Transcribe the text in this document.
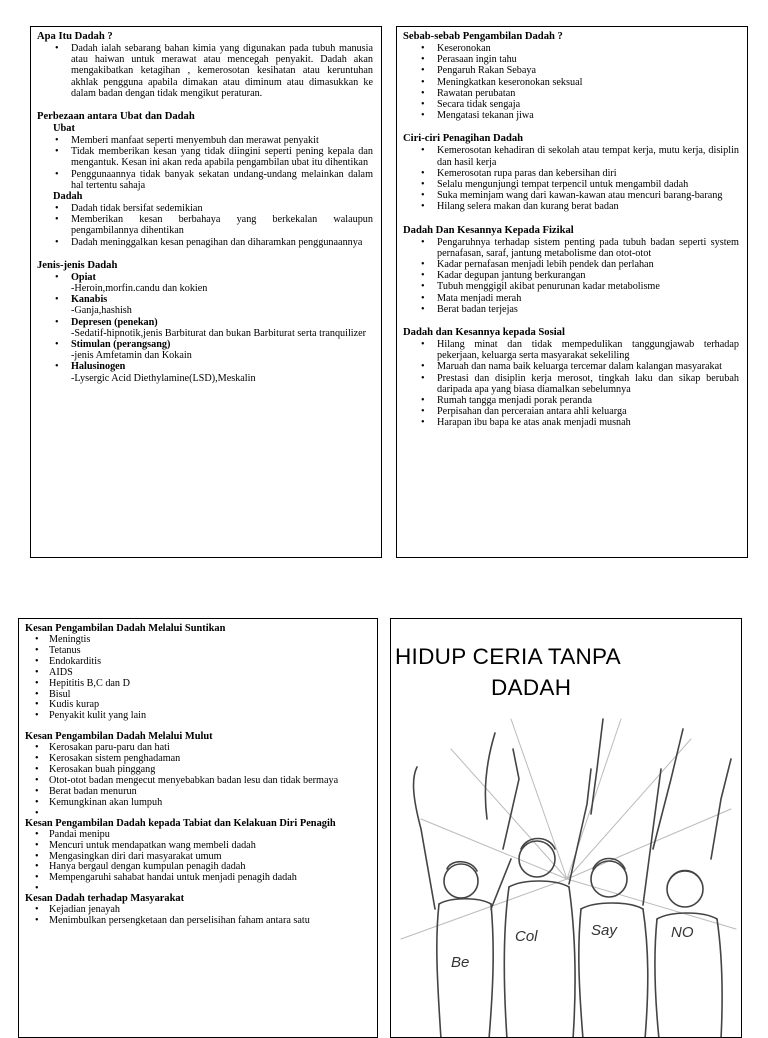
Apa Itu Dadah ?
• Dadah ialah sebarang bahan kimia yang digunakan pada tubuh manusia atau haiwan untuk merawat atau mencegah penyakit. Dadah akan mengakibatkan ketagihan , kemerosotan kesihatan atau keruntuhan akhlak pengguna apabila dimakan atau diminum atau dimasukkan ke dalam badan dengan tidak mengikut peraturan.
Perbezaan antara Ubat dan Dadah
Ubat
• Memberi manfaat seperti menyembuh dan merawat penyakit
• Tidak memberikan kesan yang tidak diingini seperti pening kepala dan mengantuk. Kesan ini akan reda apabila pengambilan ubat itu dihentikan
• Penggunaannya tidak banyak sekatan undang-undang melainkan dalam hal tertentu sahaja
Dadah
• Dadah tidak bersifat sedemikian
• Memberikan kesan berbahaya yang berkekalan walaupun pengambilannya dihentikan
• Dadah meninggalkan kesan penagihan dan diharamkan penggunaannya
Jenis-jenis Dadah
• Opiat
-Heroin,morfin.candu dan kokien
• Kanabis
-Ganja,hashish
• Depresen (penekan)
-Sedatif-hipnotik,jenis Barbiturat dan bukan Barbiturat serta tranquilizer
• Stimulan (perangsang)
-jenis Amfetamin dan Kokain
• Halusinogen
-Lysergic Acid Diethylamine(LSD),Meskalin
Sebab-sebab Pengambilan Dadah ?
• Keseronokan
• Perasaan ingin tahu
• Pengaruh Rakan Sebaya
• Meningkatkan keseronokan seksual
• Rawatan perubatan
• Secara tidak sengaja
• Mengatasi tekanan jiwa
Ciri-ciri Penagihan Dadah
• Kemerosotan kehadiran di sekolah atau tempat kerja, mutu kerja, disiplin dan hasil kerja
• Kemerosotan rupa paras dan kebersihan diri
• Selalu mengunjungi tempat terpencil untuk mengambil dadah
• Suka meminjam wang dari kawan-kawan atau mencuri barang-barang
• Hilang selera makan dan kurang berat badan
Dadah Dan Kesannya Kepada Fizikal
• Pengaruhnya terhadap sistem penting pada tubuh badan seperti system pernafasan, saraf, jantung metabolisme dan otot-otot
• Kadar pernafasan menjadi lebih pendek dan perlahan
• Kadar degupan jantung berkurangan
• Tubuh menggigil akibat penurunan kadar metabolisme
• Mata menjadi merah
• Berat badan terjejas
Dadah dan Kesannya kepada Sosial
• Hilang minat dan tidak mempedulikan tanggungjawab terhadap pekerjaan, keluarga serta masyarakat sekeliling
• Maruah dan nama baik keluarga tercemar dalam kalangan masyarakat
• Prestasi dan disiplin kerja merosot, tingkah laku dan sikap berubah daripada apa yang biasa diamalkan sebelumnya
• Rumah tangga menjadi porak peranda
• Perpisahan dan perceraian antara ahli keluarga
• Harapan ibu bapa ke atas anak menjadi musnah
Kesan Pengambilan Dadah Melalui Suntikan
• Meningtis
• Tetanus
• Endokarditis
• AIDS
• Hepititis B,C dan D
• Bisul
• Kudis kurap
• Penyakit kulit yang lain
Kesan Pengambilan Dadah Melalui Mulut
• Kerosakan paru-paru dan hati
• Kerosakan sistem penghadaman
• Kerosakan buah pinggang
• Otot-otot badan mengecut menyebabkan badan lesu dan tidak bermaya
• Berat badan menurun
• Kemungkinan akan lumpuh
Kesan Pengambilan Dadah kepada Tabiat dan Kelakuan Diri Penagih
• Pandai menipu
• Mencuri untuk mendapatkan wang membeli dadah
• Mengasingkan diri dari masyarakat umum
• Hanya bergaul dengan kumpulan penagih dadah
• Mempengaruhi sahabat handai untuk menjadi penagih dadah
Kesan Dadah terhadap Masyarakat
• Kejadian jenayah
• Menimbulkan persengketaan dan perselisihan faham antara satu
HIDUP CERIA TANPA
DADAH
Col	Say
Be
NO
